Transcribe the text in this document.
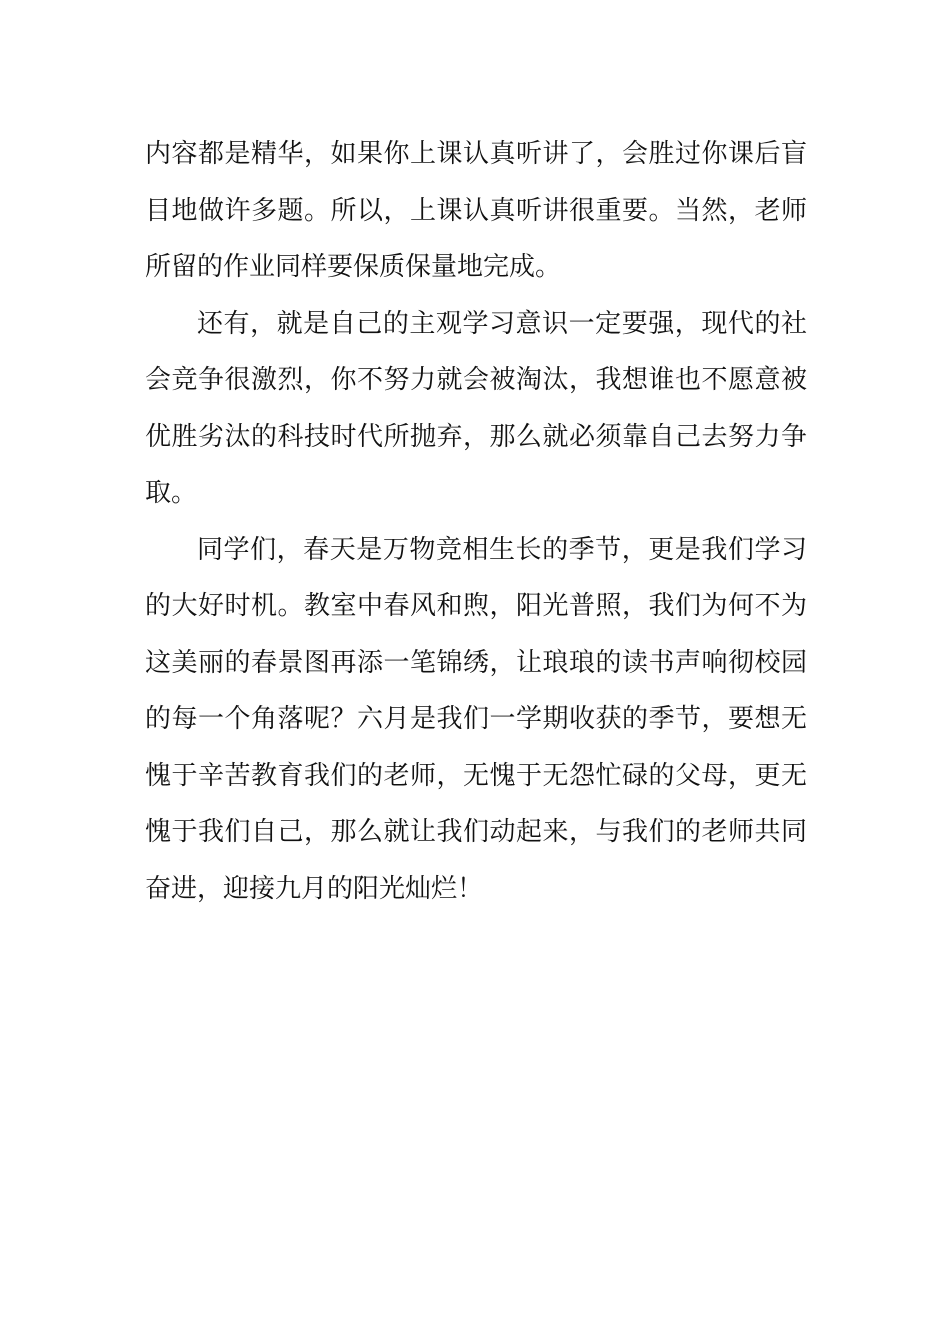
内容都是精华，如果你上课认真听讲了，会胜过你课后盲目地做许多题。所以，上课认真听讲很重要。当然，老师所留的作业同样要保质保量地完成。

还有，就是自己的主观学习意识一定要强，现代的社会竞争很激烈，你不努力就会被淘汰，我想谁也不愿意被优胜劣汰的科技时代所抛弃，那么就必须靠自己去努力争取。

同学们，春天是万物竞相生长的季节，更是我们学习的大好时机。教室中春风和煦，阳光普照，我们为何不为这美丽的春景图再添一笔锦绣，让琅琅的读书声响彻校园的每一个角落呢？六月是我们一学期收获的季节，要想无愧于辛苦教育我们的老师，无愧于无怨忙碌的父母，更无愧于我们自己，那么就让我们动起来，与我们的老师共同奋进，迎接九月的阳光灿烂！
